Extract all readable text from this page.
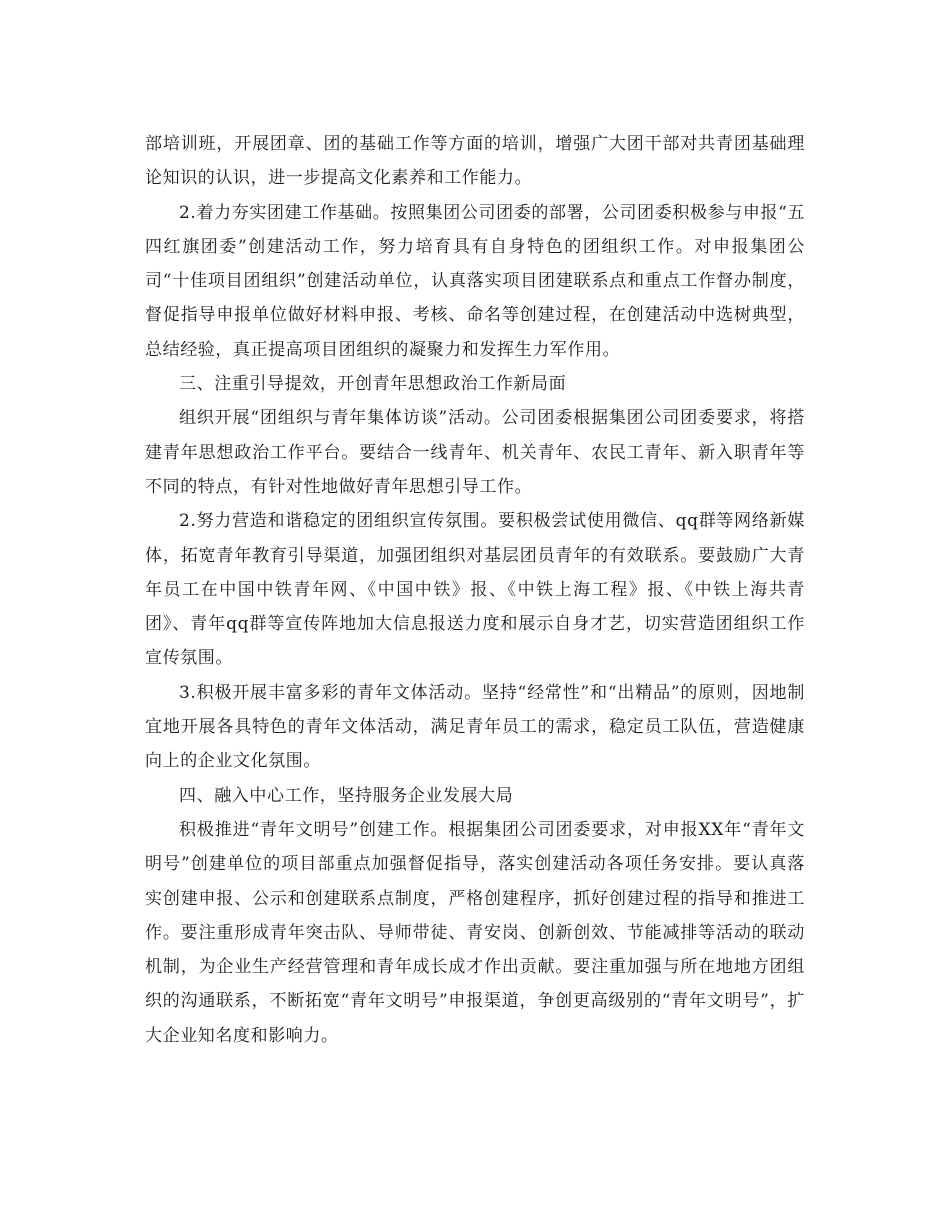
部培训班，开展团章、团的基础工作等方面的培训，增强广大团干部对共青团基础理论知识的认识，进一步提高文化素养和工作能力。

2.着力夯实团建工作基础。按照集团公司团委的部署，公司团委积极参与申报“五四红旗团委”创建活动工作，努力培育具有自身特色的团组织工作。对申报集团公司“十佳项目团组织”创建活动单位，认真落实项目团建联系点和重点工作督办制度，督促指导申报单位做好材料申报、考核、命名等创建过程，在创建活动中选树典型，总结经验，真正提高项目团组织的凝聚力和发挥生力军作用。

三、注重引导提效，开创青年思想政治工作新局面

组织开展“团组织与青年集体访谈”活动。公司团委根据集团公司团委要求，将搭建青年思想政治工作平台。要结合一线青年、机关青年、农民工青年、新入职青年等不同的特点，有针对性地做好青年思想引导工作。

2.努力营造和谐稳定的团组织宣传氛围。要积极尝试使用微信、qq群等网络新媒体，拓宽青年教育引导渠道，加强团组织对基层团员青年的有效联系。要鼓励广大青年员工在中国中铁青年网、《中国中铁》报、《中铁上海工程》报、《中铁上海共青团》、青年qq群等宣传阵地加大信息报送力度和展示自身才艺，切实营造团组织工作宣传氛围。

3.积极开展丰富多彩的青年文体活动。坚持“经常性”和“出精品”的原则，因地制宜地开展各具特色的青年文体活动，满足青年员工的需求，稳定员工队伍，营造健康向上的企业文化氛围。

四、融入中心工作，坚持服务企业发展大局

积极推进“青年文明号”创建工作。根据集团公司团委要求，对申报XX年“青年文明号”创建单位的项目部重点加强督促指导，落实创建活动各项任务安排。要认真落实创建申报、公示和创建联系点制度，严格创建程序，抓好创建过程的指导和推进工作。要注重形成青年突击队、导师带徒、青安岗、创新创效、节能减排等活动的联动机制，为企业生产经营管理和青年成长成才作出贡献。要注重加强与所在地地方团组织的沟通联系，不断拓宽“青年文明号”申报渠道，争创更高级别的“青年文明号”，扩大企业知名度和影响力。
